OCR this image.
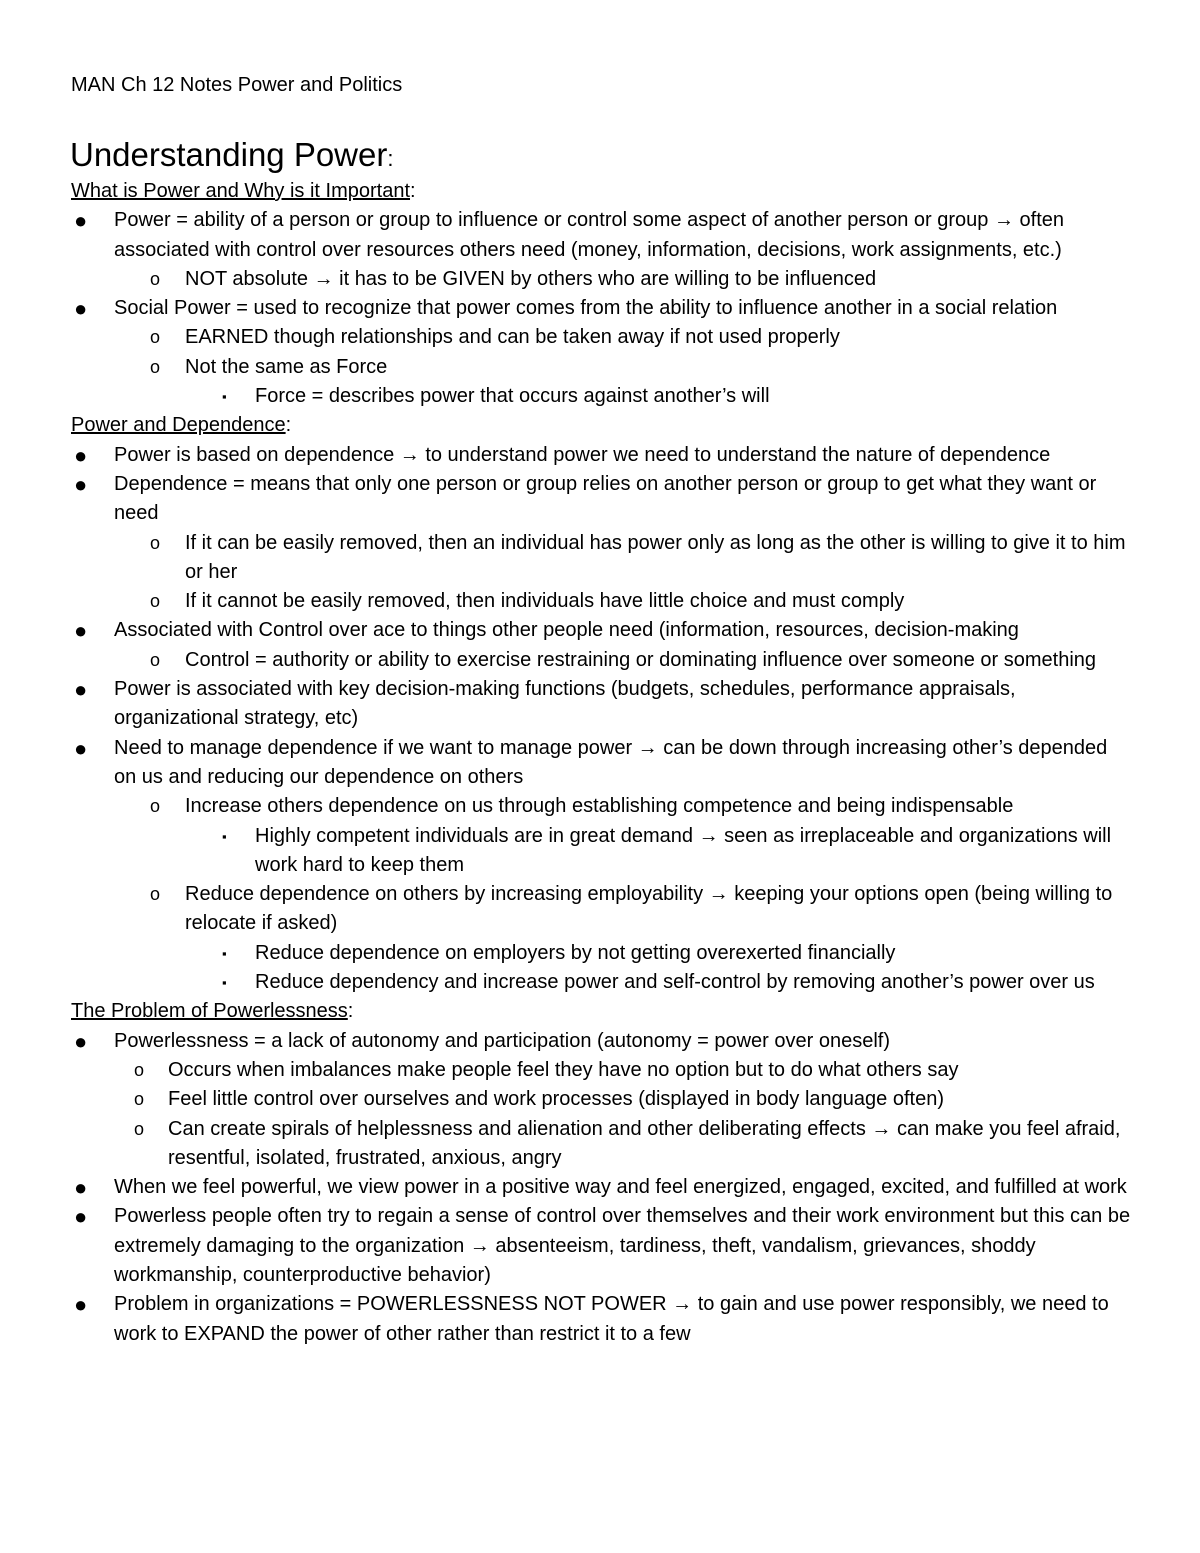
MAN Ch 12 Notes Power and Politics
Understanding Power:
What is Power and Why is it Important:
● Power = ability of a person or group to influence or control some aspect of another person or group → often associated with control over resources others need (money, information, decisions, work assignments, etc.)
o NOT absolute → it has to be GIVEN by others who are willing to be influenced
● Social Power = used to recognize that power comes from the ability to influence another in a social relation
o EARNED though relationships and can be taken away if not used properly
o Not the same as Force
▪ Force = describes power that occurs against another’s will
Power and Dependence:
● Power is based on dependence → to understand power we need to understand the nature of dependence
● Dependence = means that only one person or group relies on another person or group to get what they want or need
o If it can be easily removed, then an individual has power only as long as the other is willing to give it to him or her
o If it cannot be easily removed, then individuals have little choice and must comply
● Associated with Control over ace to things other people need (information, resources, decision-making
o Control = authority or ability to exercise restraining or dominating influence over someone or something
● Power is associated with key decision-making functions (budgets, schedules, performance appraisals, organizational strategy, etc)
● Need to manage dependence if we want to manage power → can be down through increasing other’s depended on us and reducing our dependence on others
o Increase others dependence on us through establishing competence and being indispensable
▪ Highly competent individuals are in great demand → seen as irreplaceable and organizations will work hard to keep them
o Reduce dependence on others by increasing employability → keeping your options open (being willing to relocate if asked)
▪ Reduce dependence on employers by not getting overexerted financially
▪ Reduce dependency and increase power and self-control by removing another’s power over us
The Problem of Powerlessness:
● Powerlessness = a lack of autonomy and participation (autonomy = power over oneself)
o Occurs when imbalances make people feel they have no option but to do what others say
o Feel little control over ourselves and work processes (displayed in body language often)
o Can create spirals of helplessness and alienation and other deliberating effects → can make you feel afraid, resentful, isolated, frustrated, anxious, angry
● When we feel powerful, we view power in a positive way and feel energized, engaged, excited, and fulfilled at work
● Powerless people often try to regain a sense of control over themselves and their work environment but this can be extremely damaging to the organization → absenteeism, tardiness, theft, vandalism, grievances, shoddy workmanship, counterproductive behavior)
● Problem in organizations = POWERLESSNESS NOT POWER → to gain and use power responsibly, we need to work to EXPAND the power of other rather than restrict it to a few
